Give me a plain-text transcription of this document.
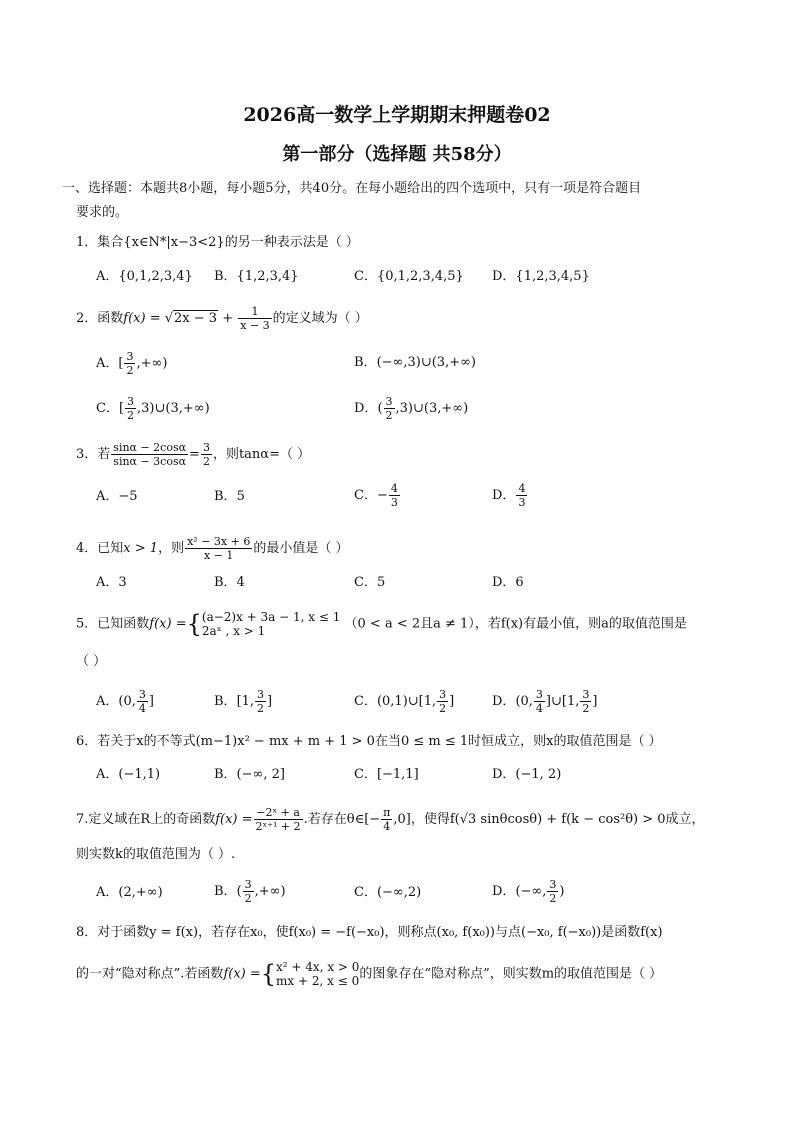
2026高一数学上学期期末押题卷02
第一部分（选择题 共58分）
一、选择题：本题共8小题，每小题5分，共40分。在每小题给出的四个选项中，只有一项是符合题目
要求的。
1．集合{x∈N*|x−3<2}的另一种表示法是（ ）
A．{0,1,2,3,4} B．{1,2,3,4}	C．{0,1,2,3,4,5} D．{1,2,3,4,5}
2．函数$f(x) = √2x - 3 + \frac{1}{x - 3}$ 的定义域为（ ）
A．[ $\frac{3}{2}$ ,+∞)	B．(−∞,3)∪(3,+∞)
C．[ $\frac{3}{2}$ ,3)∪(3,+∞)	D．( $\frac{3}{2}$ ,3)∪(3,+∞)
3．若 $\frac{\sin\alpha - 2\cos\alpha}{\sin\alpha - 3\cos\alpha} = \frac{3}{2}$ ，则tanα=（ ）
A．−5	B．5	C．− $\frac{4}{3}$	D． $\frac{4}{3}$
4．已知x > 1，则 $\frac{\text{x² − 3x + 6}}{x - 1}$ 的最小值是（ ）
A．3	B．4	C．5	D．6
5．已知函数f(x) ={ (a−2)x + 3a − 1, x ≤ 1
2aˣ , x > 1	（0 < a < 2且a ≠ 1），若f(x)有最小值，则a的取值范围是
（ ）
A．(0, $\frac{3}{4}$ ]	B．[1, $\frac{3}{2}$ ]	C．(0,1)∪[1, $\frac{3}{2}$ ]	D．(0, $\frac{3}{4}$ ]∪[1, $\frac{3}{2}$ ]
6．若关于x的不等式(m−1)x² − mx + m + 1 > 0在当0 ≤ m ≤ 1时恒成立，则x的取值范围是（ ）
A．(−1,1)	B．(−∞, 2]	C．[−1,1]	D．(−1, 2)
7.定义域在R上的奇函数$f(x) = \frac{\text{−2ˣ + a}}{\text{2ˣ⁺¹ + 2}}$ .若存在θ∈[− $\frac{\pi}{4} ,0$]，使得f(√3 sinθcosθ) + f(k − cos²θ) > 0成立，
则实数k的取值范围为（ ）.
A．(2,+∞)	B．( $\frac{3}{2}$ ,+∞)	C．(−∞,2)	D．(−∞, $\frac{3}{2}$ )
8．对于函数y = f(x)，若存在x₀，使f(x₀) = −f(−x₀)，则称点(x₀, f(x₀))与点(−x₀, f(−x₀))是函数f(x)
的一对“隐对称点”.若函数f(x) ={ x² + 4x, x > 0
mx + 2, x ≤ 0 的图象存在“隐对称点”，则实数m的取值范围是（ ）
